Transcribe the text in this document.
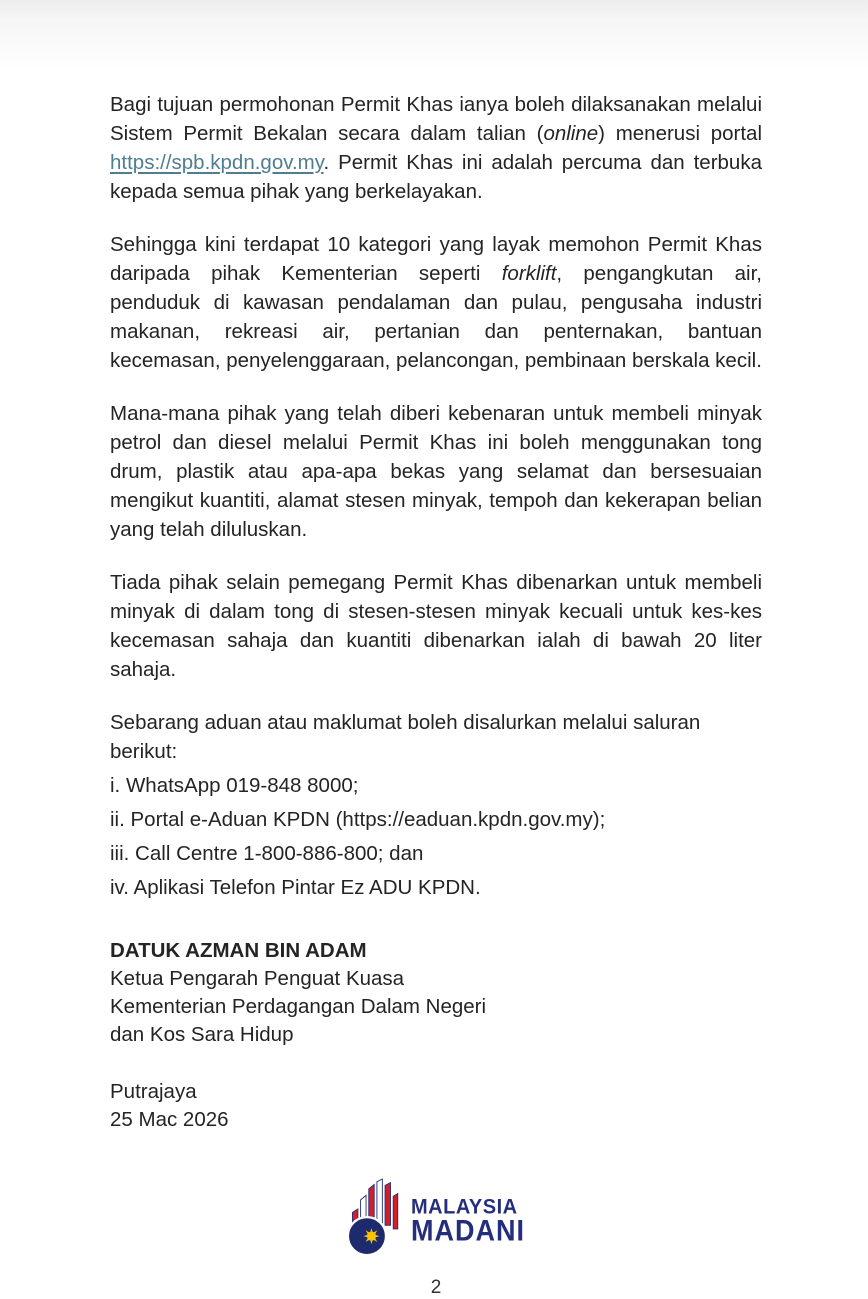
Bagi tujuan permohonan Permit Khas ianya boleh dilaksanakan melalui Sistem Permit Bekalan secara dalam talian (online) menerusi portal https://spb.kpdn.gov.my. Permit Khas ini adalah percuma dan terbuka kepada semua pihak yang berkelayakan.

Sehingga kini terdapat 10 kategori yang layak memohon Permit Khas daripada pihak Kementerian seperti forklift, pengangkutan air, penduduk di kawasan pendalaman dan pulau, pengusaha industri makanan, rekreasi air, pertanian dan penternakan, bantuan kecemasan, penyelenggaraan, pelancongan, pembinaan berskala kecil.

Mana-mana pihak yang telah diberi kebenaran untuk membeli minyak petrol dan diesel melalui Permit Khas ini boleh menggunakan tong drum, plastik atau apa-apa bekas yang selamat dan bersesuaian mengikut kuantiti, alamat stesen minyak, tempoh dan kekerapan belian yang telah diluluskan.

Tiada pihak selain pemegang Permit Khas dibenarkan untuk membeli minyak di dalam tong di stesen-stesen minyak kecuali untuk kes-kes kecemasan sahaja dan kuantiti dibenarkan ialah di bawah 20 liter sahaja.

Sebarang aduan atau maklumat boleh disalurkan melalui saluran berikut:
i. WhatsApp 019-848 8000;
ii. Portal e-Aduan KPDN (https://eaduan.kpdn.gov.my);
iii. Call Centre 1-800-886-800; dan
iv. Aplikasi Telefon Pintar Ez ADU KPDN.
DATUK AZMAN BIN ADAM
Ketua Pengarah Penguat Kuasa
Kementerian Perdagangan Dalam Negeri
dan Kos Sara Hidup
Putrajaya
25 Mac 2026
MALAYSIA
MADANI
2
